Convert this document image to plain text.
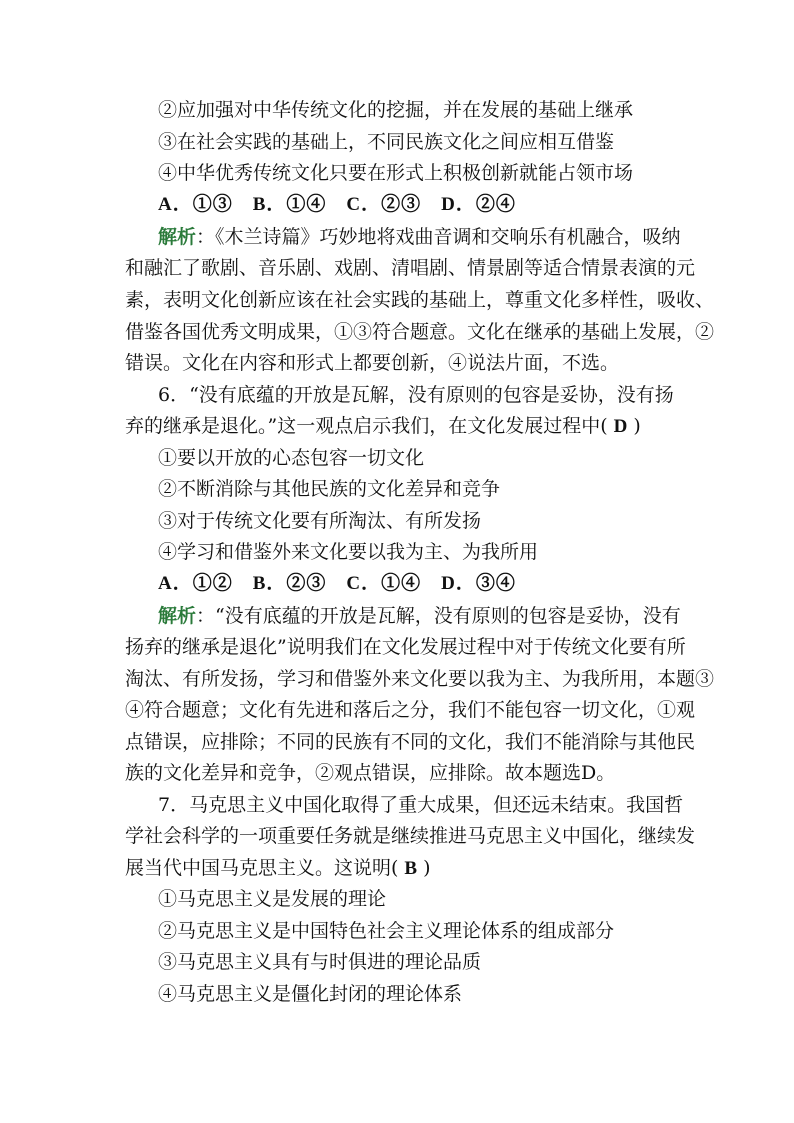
②应加强对中华传统文化的挖掘，并在发展的基础上继承
③在社会实践的基础上，不同民族文化之间应相互借鉴
④中华优秀传统文化只要在形式上积极创新就能占领市场
A．①③　B．①④　C．②③　D．②④
解析：《木兰诗篇》巧妙地将戏曲音调和交响乐有机融合，吸纳
和融汇了歌剧、音乐剧、戏剧、清唱剧、情景剧等适合情景表演的元
素，表明文化创新应该在社会实践的基础上，尊重文化多样性，吸收、
借鉴各国优秀文明成果，①③符合题意。文化在继承的基础上发展，②
错误。文化在内容和形式上都要创新，④说法片面，不选。
6．“没有底蕴的开放是瓦解，没有原则的包容是妥协，没有扬
弃的继承是退化。”这一观点启示我们，在文化发展过程中( D )
①要以开放的心态包容一切文化
②不断消除与其他民族的文化差异和竞争
③对于传统文化要有所淘汰、有所发扬
④学习和借鉴外来文化要以我为主、为我所用
A．①②　B．②③　C．①④　D．③④
解析：“没有底蕴的开放是瓦解，没有原则的包容是妥协，没有
扬弃的继承是退化”说明我们在文化发展过程中对于传统文化要有所
淘汰、有所发扬，学习和借鉴外来文化要以我为主、为我所用，本题③
④符合题意；文化有先进和落后之分，我们不能包容一切文化，①观
点错误，应排除；不同的民族有不同的文化，我们不能消除与其他民
族的文化差异和竞争，②观点错误，应排除。故本题选D。
7．马克思主义中国化取得了重大成果，但还远未结束。我国哲
学社会科学的一项重要任务就是继续推进马克思主义中国化，继续发
展当代中国马克思主义。这说明( B )
①马克思主义是发展的理论
②马克思主义是中国特色社会主义理论体系的组成部分
③马克思主义具有与时俱进的理论品质
④马克思主义是僵化封闭的理论体系
